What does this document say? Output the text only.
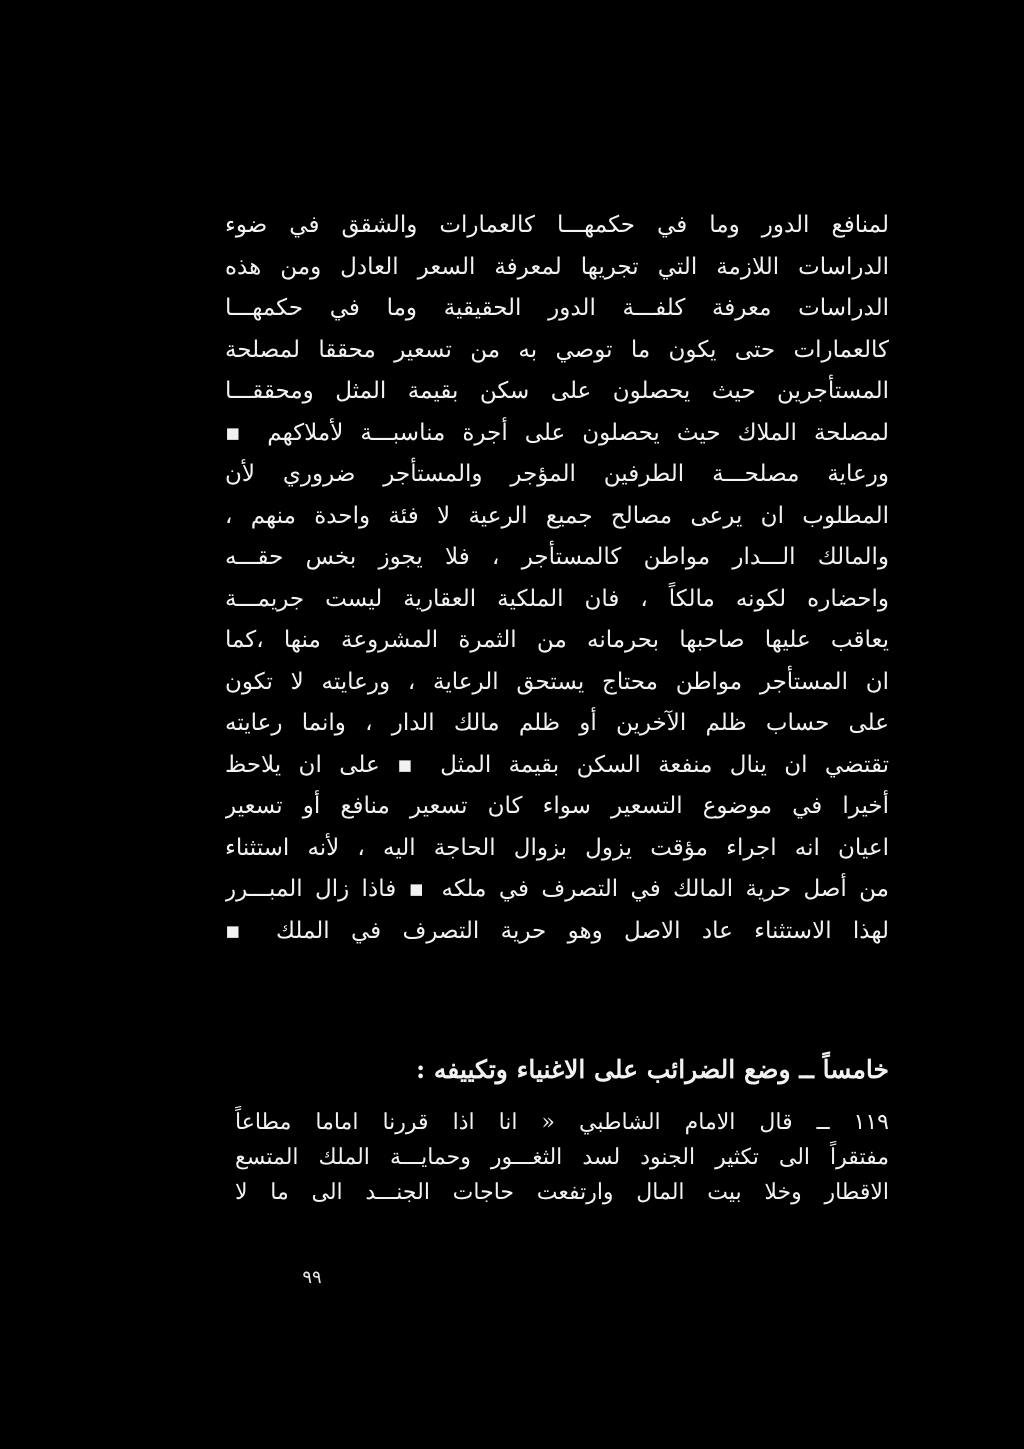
لمنافع الدور وما في حكمهـــا كالعمارات والشقق في ضوء
الدراسات اللازمة التي تجريها لمعرفة السعر العادل ومن هذه
الدراسات معرفة كلفـــة الدور الحقيقية وما في حكمهـــا
كالعمارات حتى يكون ما توصي به من تسعير محققا لمصلحة
المستأجرين حيث يحصلون على سكن بقيمة المثل ومحققـــا
لمصلحة الملاك حيث يحصلون على أجرة مناسبـــة لأملاكهم ▪
ورعاية مصلحـــة الطرفين المؤجر والمستأجر ضروري لأن
المطلوب ان يرعى مصالح جميع الرعية لا فئة واحدة منهم ،
والمالك الـــدار مواطن كالمستأجر ، فلا يجوز بخس حقـــه
واحضاره لكونه مالكاً ، فان الملكية العقارية ليست جريمـــة
يعاقب عليها صاحبها بحرمانه من الثمرة المشروعة منها ،كما
ان المستأجر مواطن محتاج يستحق الرعاية ، ورعايته لا تكون
على حساب ظلم الآخرين أو ظلم مالك الدار ، وانما رعايته
تقتضي ان ينال منفعة السكن بقيمة المثل ▪ على ان يلاحظ
أخيرا في موضوع التسعير سواء كان تسعير منافع أو تسعير
اعيان انه اجراء مؤقت يزول بزوال الحاجة اليه ، لأنه استثناء
من أصل حرية المالك في التصرف في ملكه ▪ فاذا زال المبـــرر
لهذا الاستثناء عاد الاصل وهو حرية التصرف في الملك ▪
خامساً ــ وضع الضرائب على الاغنياء وتكييفه :
١١٩ ــ قال الامام الشاطبي « انا اذا قررنا اماما مطاعاً
مفتقراً الى تكثير الجنود لسد الثغـــور وحمايـــة الملك المتسع
الاقطار وخلا بيت المال وارتفعت حاجات الجنـــد الى ما لا
٩٩
